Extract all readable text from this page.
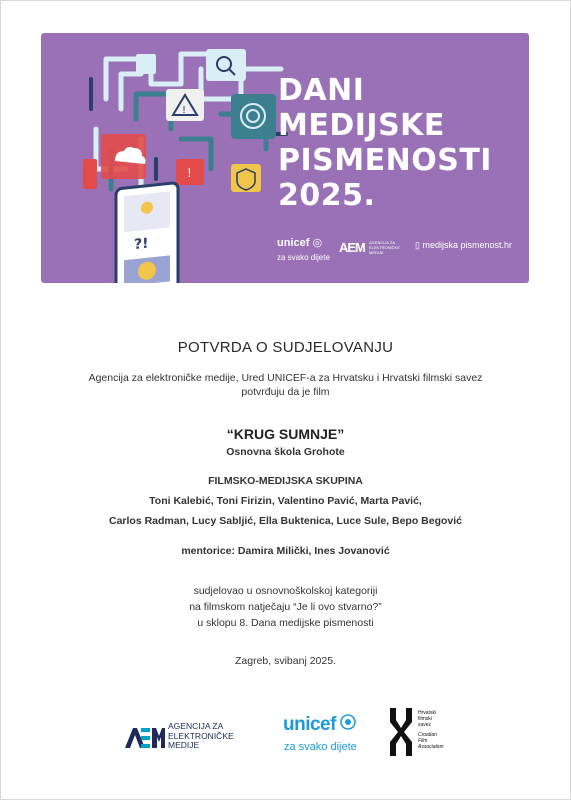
!
!
?!
DANI
MEDIJSKE
PISMENOSTI
2025.
unicef ◎
za svako dijete
AEM AGENCIJA ZA ELEKTRONIČKE MEDIJE
▯ medijska pismenost.hr
POTVRDA O SUDJELOVANJU
Agencija za elektroničke medije, Ured UNICEF-a za Hrvatsku i Hrvatski filmski savez
potvrđuju da je film
“KRUG SUMNJE”
Osnovna škola Grohote
FILMSKO-MEDIJSKA SKUPINA
Toni Kalebić, Toni Firizin, Valentino Pavić, Marta Pavić,
Carlos Radman, Lucy Sabljić, Ella Buktenica, Luce Sule, Bepo Begović
mentorice: Damira Milički, Ines Jovanović
sudjelovao u osnovnoškolskoj kategoriji
na filmskom natječaju “Je li ovo stvarno?”
u sklopu 8. Dana medijske pismenosti
Zagreb, svibanj 2025.
AGENCIJA ZA
ELEKTRONIČKE
MEDIJE
unicef
za svako dijete
Hrvatski
filmski
savez
Croatian
Film
Association
